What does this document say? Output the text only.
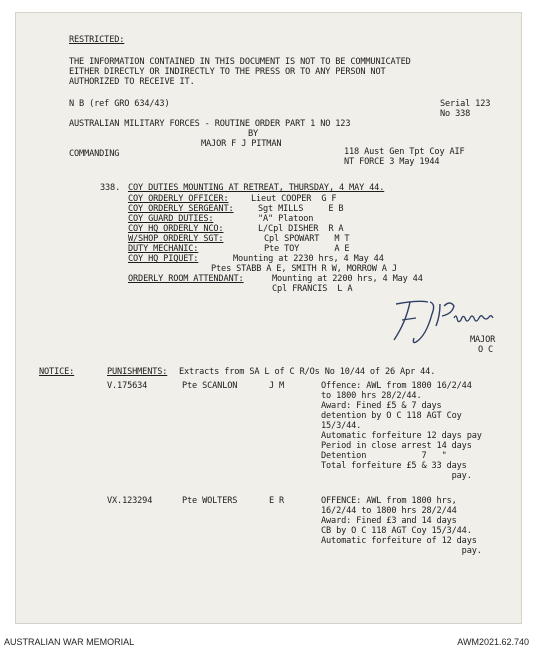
RESTRICTED:
THE INFORMATION CONTAINED IN THIS DOCUMENT IS NOT TO BE COMMUNICATED
EITHER DIRECTLY OR INDIRECTLY TO THE PRESS OR TO ANY PERSON NOT
AUTHORIZED TO RECEIVE IT.
N B (ref GRO 634/43)	Serial 123
No 338
AUSTRALIAN MILITARY FORCES - ROUTINE ORDER PART 1 NO 123
BY
MAJOR F J PITMAN
COMMANDING	118 Aust Gen Tpt Coy AIF
NT FORCE 3 May 1944
338. COY DUTIES MOUNTING AT RETREAT, THURSDAY, 4 MAY 44.
COY ORDERLY OFFICER:	Lieut COOPER  G F
COY ORDERLY SERGEANT:	Sgt MILLS     E B
COY GUARD DUTIES:	"A" Platoon
COY HQ ORDERLY NCO:	L/Cpl DISHER  R A
W/SHOP ORDERLY SGT:	Cpl SPOWART   M T
DUTY MECHANIC:	Pte TOY       A E
COY HQ PIQUET:	Mounting at 2230 hrs, 4 May 44
Ptes STABB A E, SMITH R W, MORROW A J
ORDERLY ROOM ATTENDANT:	Mounting at 2200 hrs, 4 May 44
Cpl FRANCIS  L A
MAJOR
O C
NOTICE:	PUNISHMENTS: Extracts from SA L of C R/Os No 10/44 of 26 Apr 44.
V.175634	Pte SCANLON	J M	Offence: AWL from 1800 16/2/44
to 1800 hrs 28/2/44.
Award: Fined £5 & 7 days
detention by O C 118 AGT Coy
15/3/44.
Automatic forfeiture 12 days pay
Period in close arrest 14 days
Detention           7   "
Total forfeiture £5 & 33 days
pay.
VX.123294	Pte WOLTERS	E R	OFFENCE: AWL from 1800 hrs,
16/2/44 to 1800 hrs 28/2/44
Award: Fined £3 and 14 days
CB by O C 118 AGT Coy 15/3/44.
Automatic forfeiture of 12 days
pay.
AUSTRALIAN WAR MEMORIAL	AWM2021.62.740
